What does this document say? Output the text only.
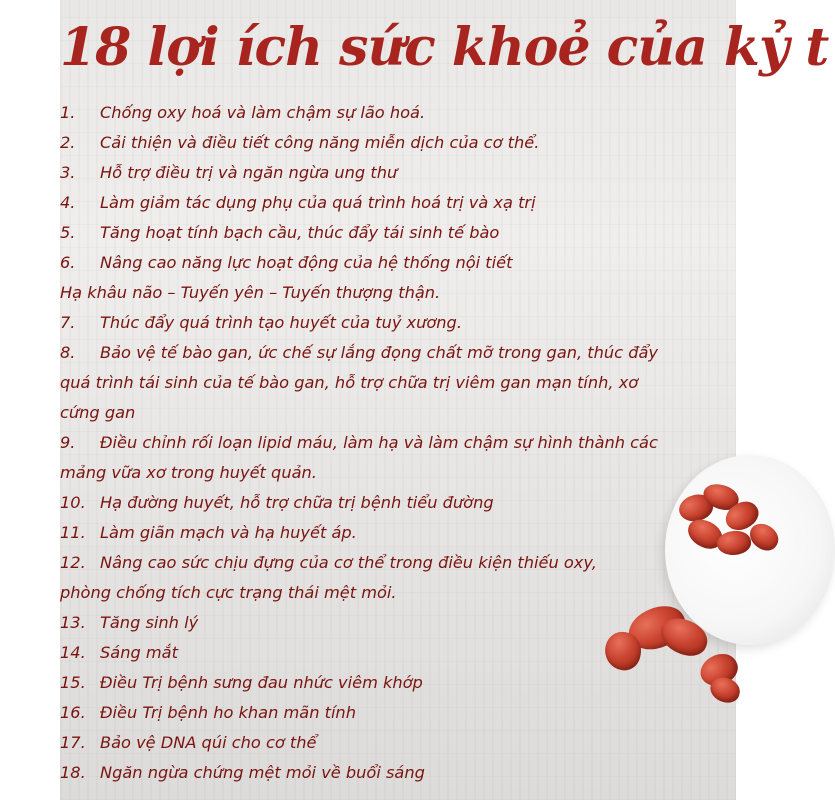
18 lợi ích sức khoẻ của kỷ t
1. Chống oxy hoá và làm chậm sự lão hoá.
2. Cải thiện và điều tiết công năng miễn dịch của cơ thể.
3. Hỗ trợ điều trị và ngăn ngừa ung thư
4. Làm giảm tác dụng phụ của quá trình hoá trị và xạ trị
5. Tăng hoạt tính bạch cầu, thúc đẩy tái sinh tế bào
6. Nâng cao năng lực hoạt động của hệ thống nội tiết
Hạ khâu não – Tuyến yên – Tuyến thượng thận.
7. Thúc đẩy quá trình tạo huyết của tuỷ xương.
8. Bảo vệ tế bào gan, ức chế sự lắng đọng chất mỡ trong gan, thúc đẩy
quá trình tái sinh của tế bào gan, hỗ trợ chữa trị viêm gan mạn tính, xơ
cứng gan
9. Điều chỉnh rối loạn lipid máu, làm hạ và làm chậm sự hình thành các
mảng vữa xơ trong huyết quản.
10. Hạ đường huyết, hỗ trợ chữa trị bệnh tiểu đường
11. Làm giãn mạch và hạ huyết áp.
12. Nâng cao sức chịu đựng của cơ thể trong điều kiện thiếu oxy,
phòng chống tích cực trạng thái mệt mỏi.
13. Tăng sinh lý
14. Sáng mắt
15. Điều Trị bệnh sưng đau nhức viêm khớp
16. Điều Trị bệnh ho khan mãn tính
17. Bảo vệ DNA qúi cho cơ thể
18. Ngăn ngừa chứng mệt mỏi về buổi sáng
